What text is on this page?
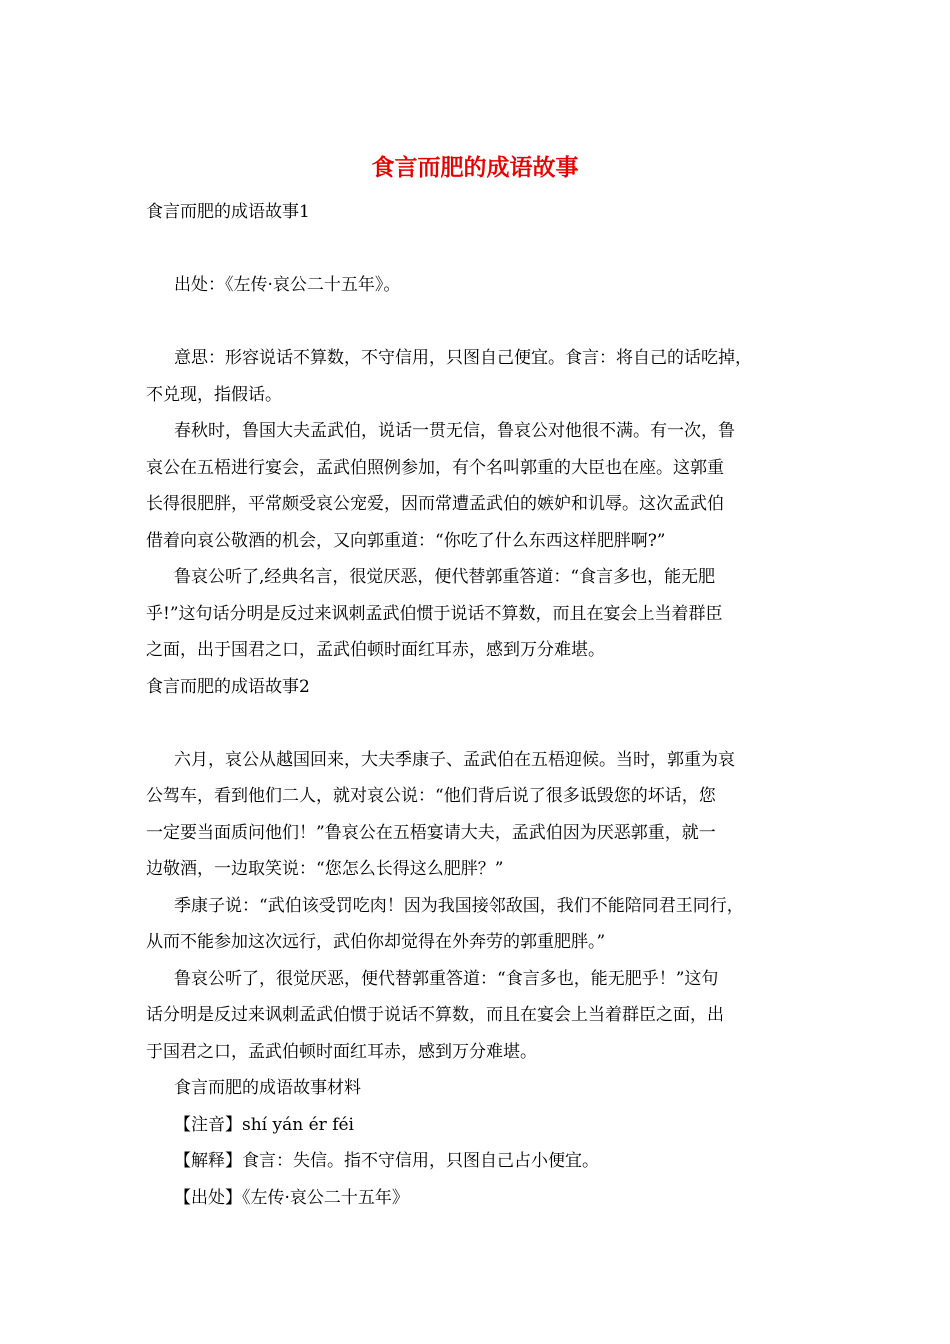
食言而肥的成语故事

食言而肥的成语故事1

出处：《左传·哀公二十五年》。

意思：形容说话不算数，不守信用，只图自己便宜。食言：将自己的话吃掉，

不兑现，指假话。

春秋时，鲁国大夫孟武伯，说话一贯无信，鲁哀公对他很不满。有一次，鲁

哀公在五梧进行宴会，孟武伯照例参加，有个名叫郭重的大臣也在座。这郭重

长得很肥胖，平常颇受哀公宠爱，因而常遭孟武伯的嫉妒和讥辱。这次孟武伯

借着向哀公敬酒的机会，又向郭重道：“你吃了什么东西这样肥胖啊?”

鲁哀公听了,经典名言，很觉厌恶，便代替郭重答道：“食言多也，能无肥

乎!”这句话分明是反过来讽刺孟武伯惯于说话不算数，而且在宴会上当着群臣

之面，出于国君之口，孟武伯顿时面红耳赤，感到万分难堪。

食言而肥的成语故事2

六月，哀公从越国回来，大夫季康子、孟武伯在五梧迎候。当时，郭重为哀

公驾车，看到他们二人，就对哀公说：“他们背后说了很多诋毁您的坏话，您

一定要当面质问他们！”鲁哀公在五梧宴请大夫，孟武伯因为厌恶郭重，就一

边敬酒，一边取笑说：“您怎么长得这么肥胖？”

季康子说：“武伯该受罚吃肉！因为我国接邻敌国，我们不能陪同君王同行，

从而不能参加这次远行，武伯你却觉得在外奔劳的郭重肥胖。”

鲁哀公听了，很觉厌恶，便代替郭重答道：“食言多也，能无肥乎！”这句

话分明是反过来讽刺孟武伯惯于说话不算数，而且在宴会上当着群臣之面，出

于国君之口，孟武伯顿时面红耳赤，感到万分难堪。

食言而肥的成语故事材料

【注音】shí yán ér féi

【解释】食言：失信。指不守信用，只图自己占小便宜。

【出处】《左传·哀公二十五年》
